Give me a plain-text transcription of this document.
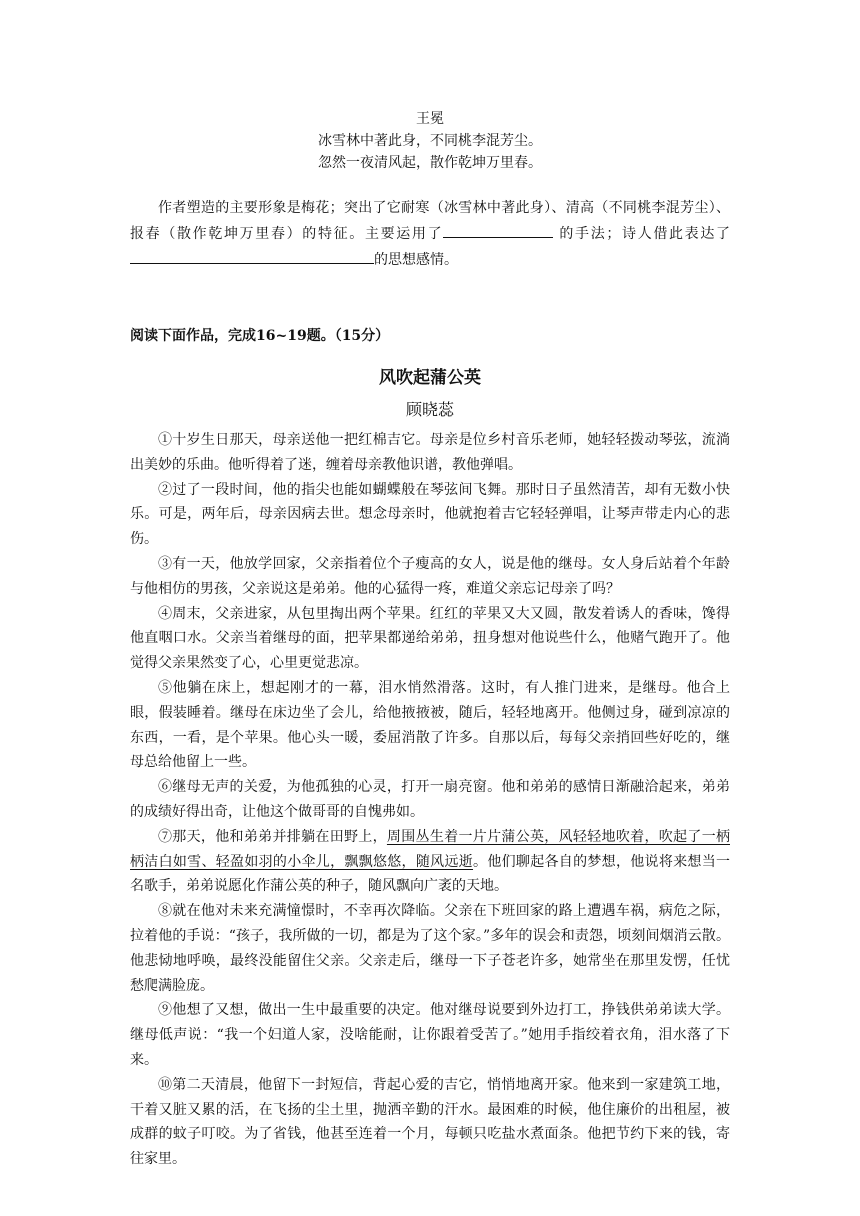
王冕
冰雪林中著此身，不同桃李混芳尘。
忽然一夜清风起，散作乾坤万里春。
作者塑造的主要形象是梅花；突出了它耐寒（冰雪林中著此身）、清高（不同桃李混芳尘）、报春（散作乾坤万里春）的特征。主要运用了	的手法；诗人借此表达了的思想感情。
阅读下面作品，完成16~19题。（15分）
风吹起蒲公英
顾晓蕊

①十岁生日那天，母亲送他一把红棉吉它。母亲是位乡村音乐老师，她轻轻拨动琴弦，流淌出美妙的乐曲。他听得着了迷，缠着母亲教他识谱，教他弹唱。

②过了一段时间，他的指尖也能如蝴蝶般在琴弦间飞舞。那时日子虽然清苦，却有无数小快乐。可是，两年后，母亲因病去世。想念母亲时，他就抱着吉它轻轻弹唱，让琴声带走内心的悲伤。

③有一天，他放学回家，父亲指着位个子瘦高的女人，说是他的继母。女人身后站着个年龄与他相仿的男孩，父亲说这是弟弟。他的心猛得一疼，难道父亲忘记母亲了吗？

④周末，父亲进家，从包里掏出两个苹果。红红的苹果又大又圆，散发着诱人的香味，馋得他直咽口水。父亲当着继母的面，把苹果都递给弟弟，扭身想对他说些什么，他赌气跑开了。他觉得父亲果然变了心，心里更觉悲凉。

⑤他躺在床上，想起刚才的一幕，泪水悄然滑落。这时，有人推门进来，是继母。他合上眼，假装睡着。继母在床边坐了会儿，给他掖掖被，随后，轻轻地离开。他侧过身，碰到凉凉的东西，一看，是个苹果。他心头一暖，委屈消散了许多。自那以后，每每父亲捎回些好吃的，继母总给他留上一些。

⑥继母无声的关爱，为他孤独的心灵，打开一扇亮窗。他和弟弟的感情日渐融洽起来，弟弟的成绩好得出奇，让他这个做哥哥的自愧弗如。

⑦那天，他和弟弟并排躺在田野上，周围丛生着一片片蒲公英，风轻轻地吹着，吹起了一柄柄洁白如雪、轻盈如羽的小伞儿，飘飘悠悠，随风远逝。他们聊起各自的梦想，他说将来想当一名歌手，弟弟说愿化作蒲公英的种子，随风飘向广袤的天地。

⑧就在他对未来充满憧憬时，不幸再次降临。父亲在下班回家的路上遭遇车祸，病危之际，拉着他的手说：“孩子，我所做的一切，都是为了这个家。”多年的误会和责怨，顷刻间烟消云散。他悲恸地呼唤，最终没能留住父亲。父亲走后，继母一下子苍老许多，她常坐在那里发愣，任忧愁爬满脸庞。

⑨他想了又想，做出一生中最重要的决定。他对继母说要到外边打工，挣钱供弟弟读大学。继母低声说：“我一个妇道人家，没啥能耐，让你跟着受苦了。”她用手指绞着衣角，泪水落了下来。

⑩第二天清晨，他留下一封短信，背起心爱的吉它，悄悄地离开家。他来到一家建筑工地，干着又脏又累的活，在飞扬的尘土里，抛洒辛勤的汗水。最困难的时候，他住廉价的出租屋，被成群的蚊子叮咬。为了省钱，他甚至连着一个月，每顿只吃盐水煮面条。他把节约下来的钱，寄往家里。
